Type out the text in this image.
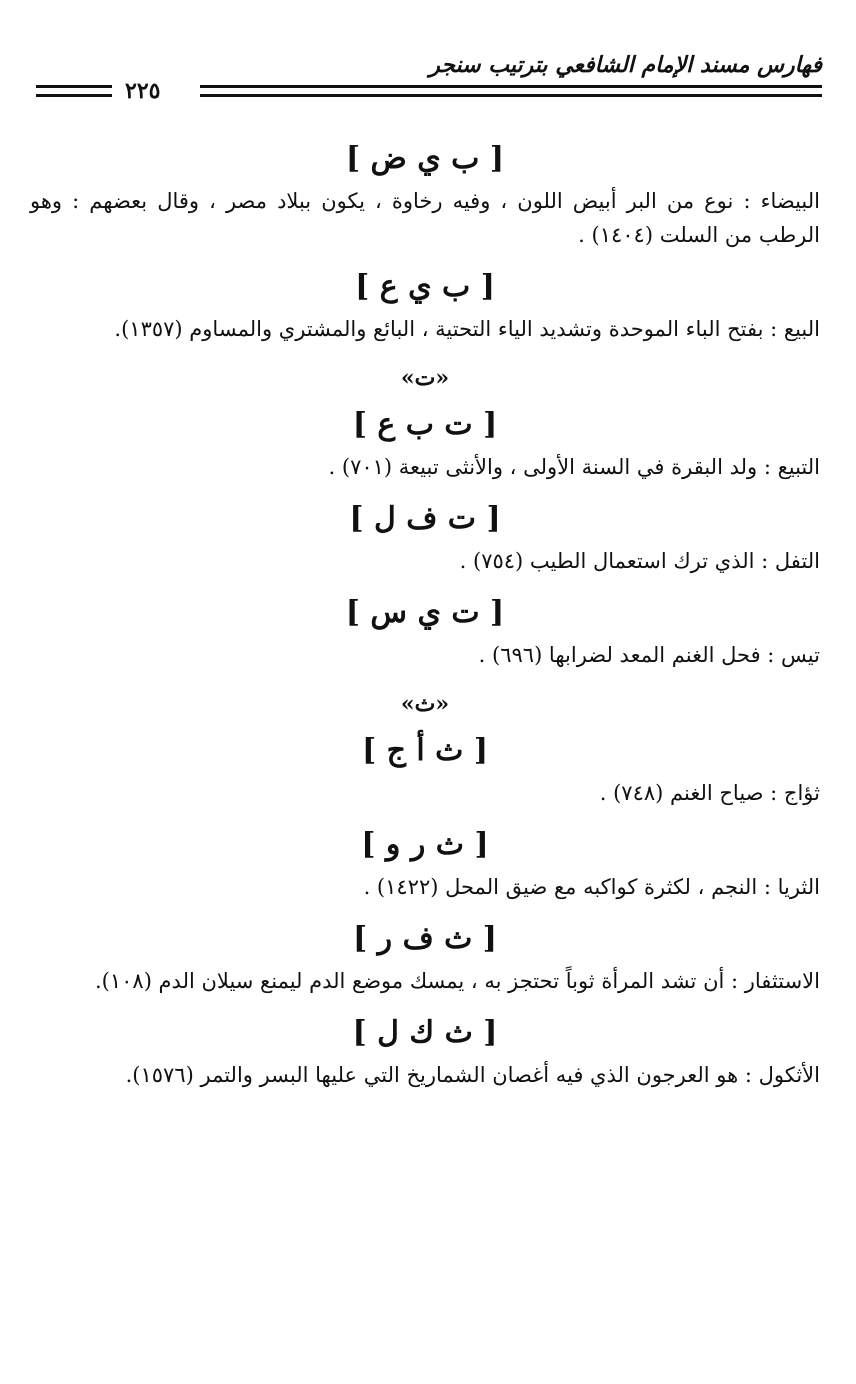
٢٢٥
فهارس مسند الإمام الشافعي بترتيب سنجر
[ ب ي ض ]

البيضاء : نوع من البر أبيض اللون ، وفيه رخاوة ، يكون ببلاد مصر ، وقال بعضهم : وهو الرطب من السلت (١٤٠٤) .

[ ب ي ع ]

البيع : بفتح الباء الموحدة وتشديد الياء التحتية ، البائع والمشتري والمساوم (١٣٥٧).

«ت»
[ ت ب ع ]

التبيع : ولد البقرة في السنة الأولى ، والأنثى تبيعة (٧٠١) .

[ ت ف ل ]

التفل : الذي ترك استعمال الطيب (٧٥٤) .

[ ت ي س ]

تيس : فحل الغنم المعد لضرابها (٦٩٦) .

«ث»
[ ث أ ج ]

ثؤاج : صياح الغنم (٧٤٨) .

[ ث ر و ]

الثريا : النجم ، لكثرة كواكبه مع ضيق المحل (١٤٢٢) .

[ ث ف ر ]

الاستثفار : أن تشد المرأة ثوباً تحتجز به ، يمسك موضع الدم ليمنع سيلان الدم (١٠٨).

[ ث ك ل ]

الأثكول : هو العرجون الذي فيه أغصان الشماريخ التي عليها البسر والتمر (١٥٧٦).
